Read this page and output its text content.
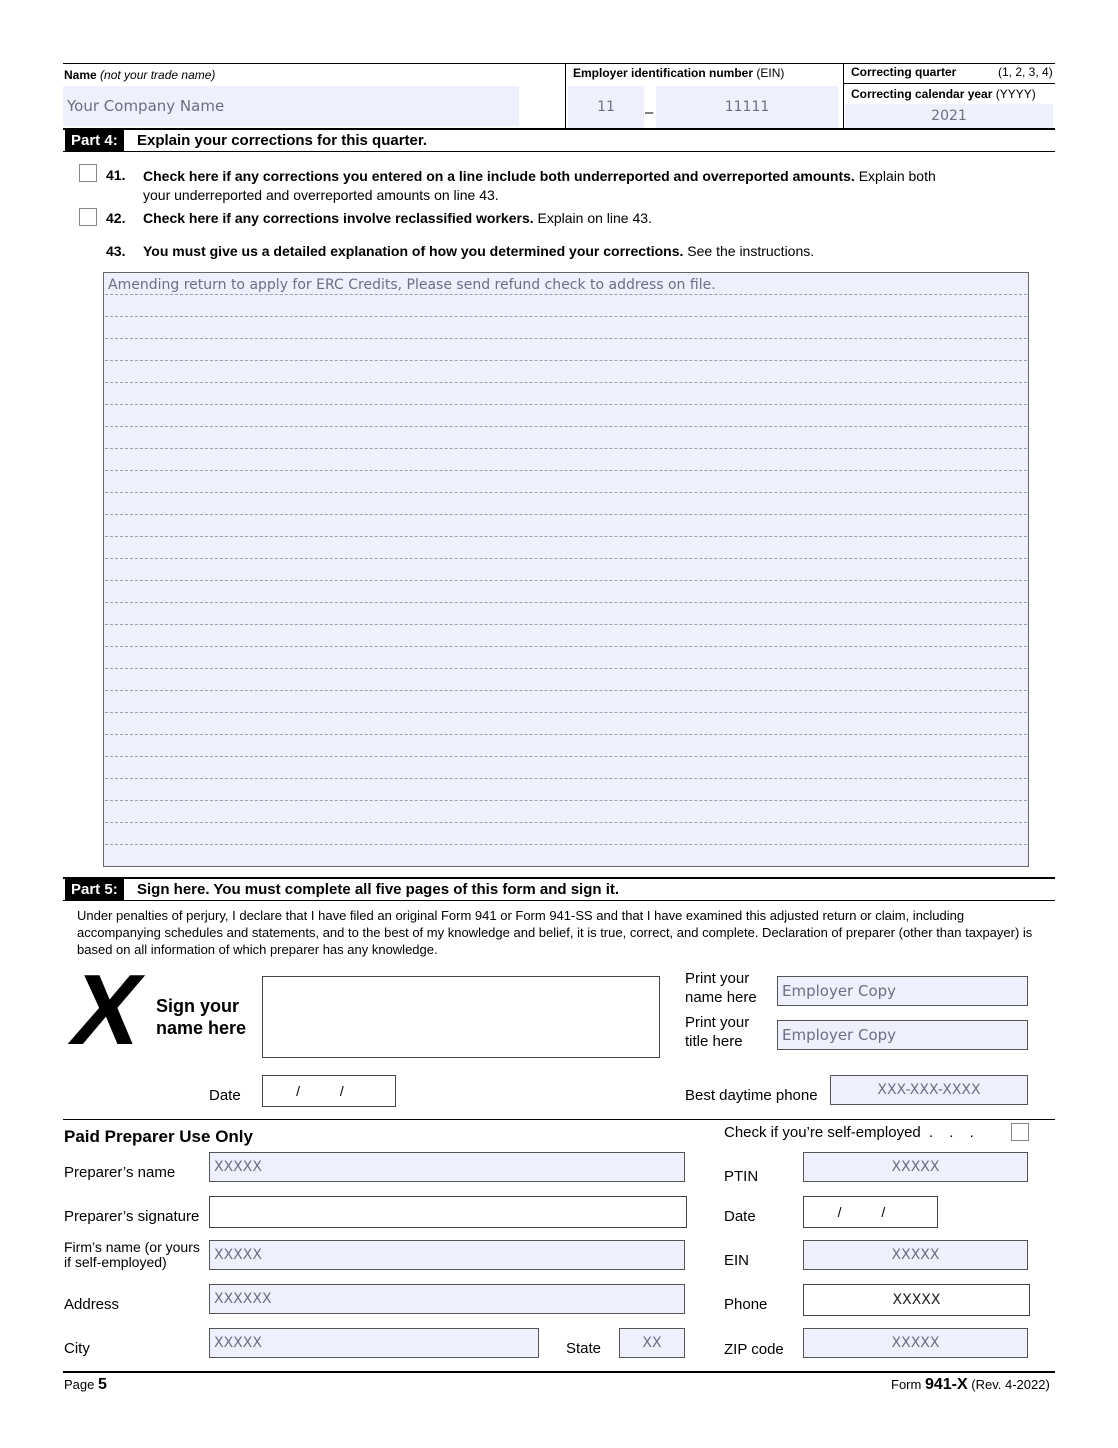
Name (not your trade name)
Your Company Name
Employer identification number (EIN)
11	–	11111
Correcting quarter	(1, 2, 3, 4)
Correcting calendar year (YYYY)
2021
Part 4:	Explain your corrections for this quarter.
41. Check here if any corrections you entered on a line include both underreported and overreported amounts. Explain both
your underreported and overreported amounts on line 43.
42. Check here if any corrections involve reclassified workers. Explain on line 43.
43. You must give us a detailed explanation of how you determined your corrections. See the instructions.
Amending return to apply for ERC Credits, Please send refund check to address on file.
Part 5:	Sign here. You must complete all five pages of this form and sign it.
Under penalties of perjury, I declare that I have filed an original Form 941 or Form 941-SS and that I have examined this adjusted return or claim, including accompanying schedules and statements, and to the best of my knowledge and belief, it is true, correct, and complete. Declaration of preparer (other than taxpayer) is based on all information of which preparer has any knowledge.
X Sign your
name here
Print your
name here	Employer Copy
Print your
title here	Employer Copy
Date	/ /	Best daytime phone	XXX-XXX-XXXX
Paid Preparer Use Only	Check if you’re self-employed . . .
Preparer’s name	XXXXX
PTIN
XXXXX
Preparer’s signature	Date	/ /
Firm’s name (or yours
if self-employed)	XXXXX	EIN	XXXXX
Address	XXXXXX	Phone	XXXXX
City	XXXXX	State	XX	ZIP code	XXXXX
Page 5	Form 941-X (Rev. 4-2022)
